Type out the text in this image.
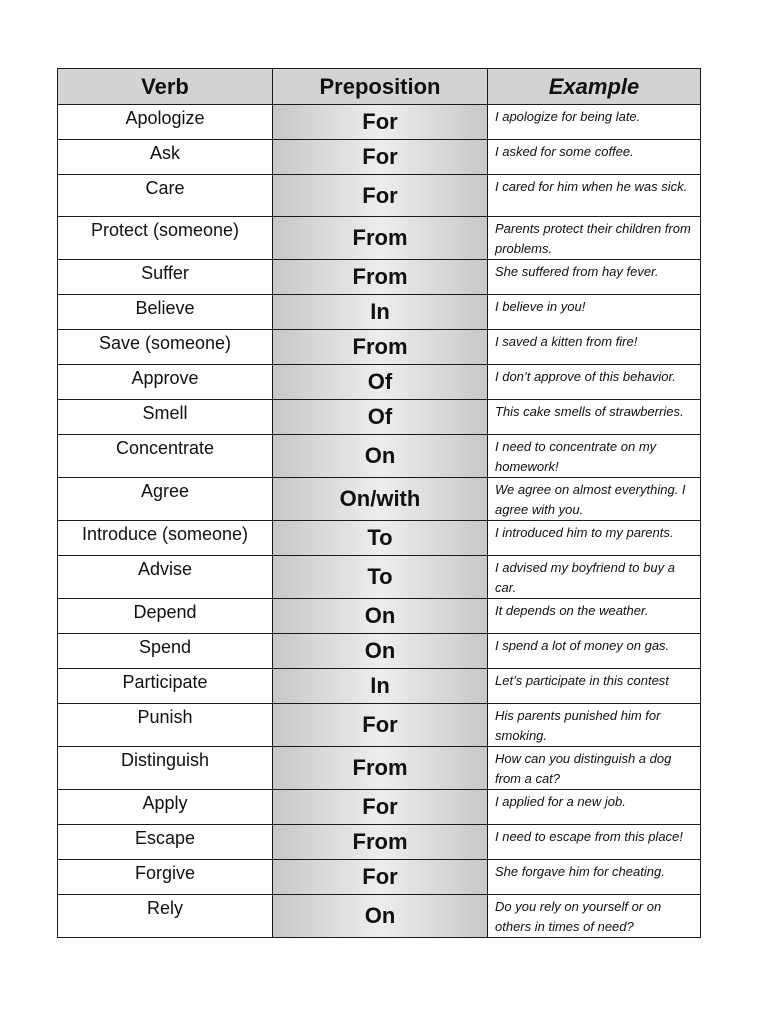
Verb	Preposition	Example
Apologize	For	I apologize for being late.
Ask	For	I asked for some coffee.
Care	For	I cared for him when he was sick.
Protect (someone)	From	Parents protect their children from problems.
Suffer	From	She suffered from hay fever.
Believe	In	I believe in you!
Save (someone)	From	I saved a kitten from fire!
Approve	Of	I don’t approve of this behavior.
Smell	Of	This cake smells of strawberries.
Concentrate	On	I need to concentrate on my homework!
Agree	On/with	We agree on almost everything. I agree with you.
Introduce (someone)	To	I introduced him to my parents.
Advise	To	I advised my boyfriend to buy a car.
Depend	On	It depends on the weather.
Spend	On	I spend a lot of money on gas.
Participate	In	Let’s participate in this contest
Punish	For	His parents punished him for smoking.
Distinguish	From	How can you distinguish a dog from a cat?
Apply	For	I applied for a new job.
Escape	From	I need to escape from this place!
Forgive	For	She forgave him for cheating.
Rely	On	Do you rely on yourself or on others in times of need?
